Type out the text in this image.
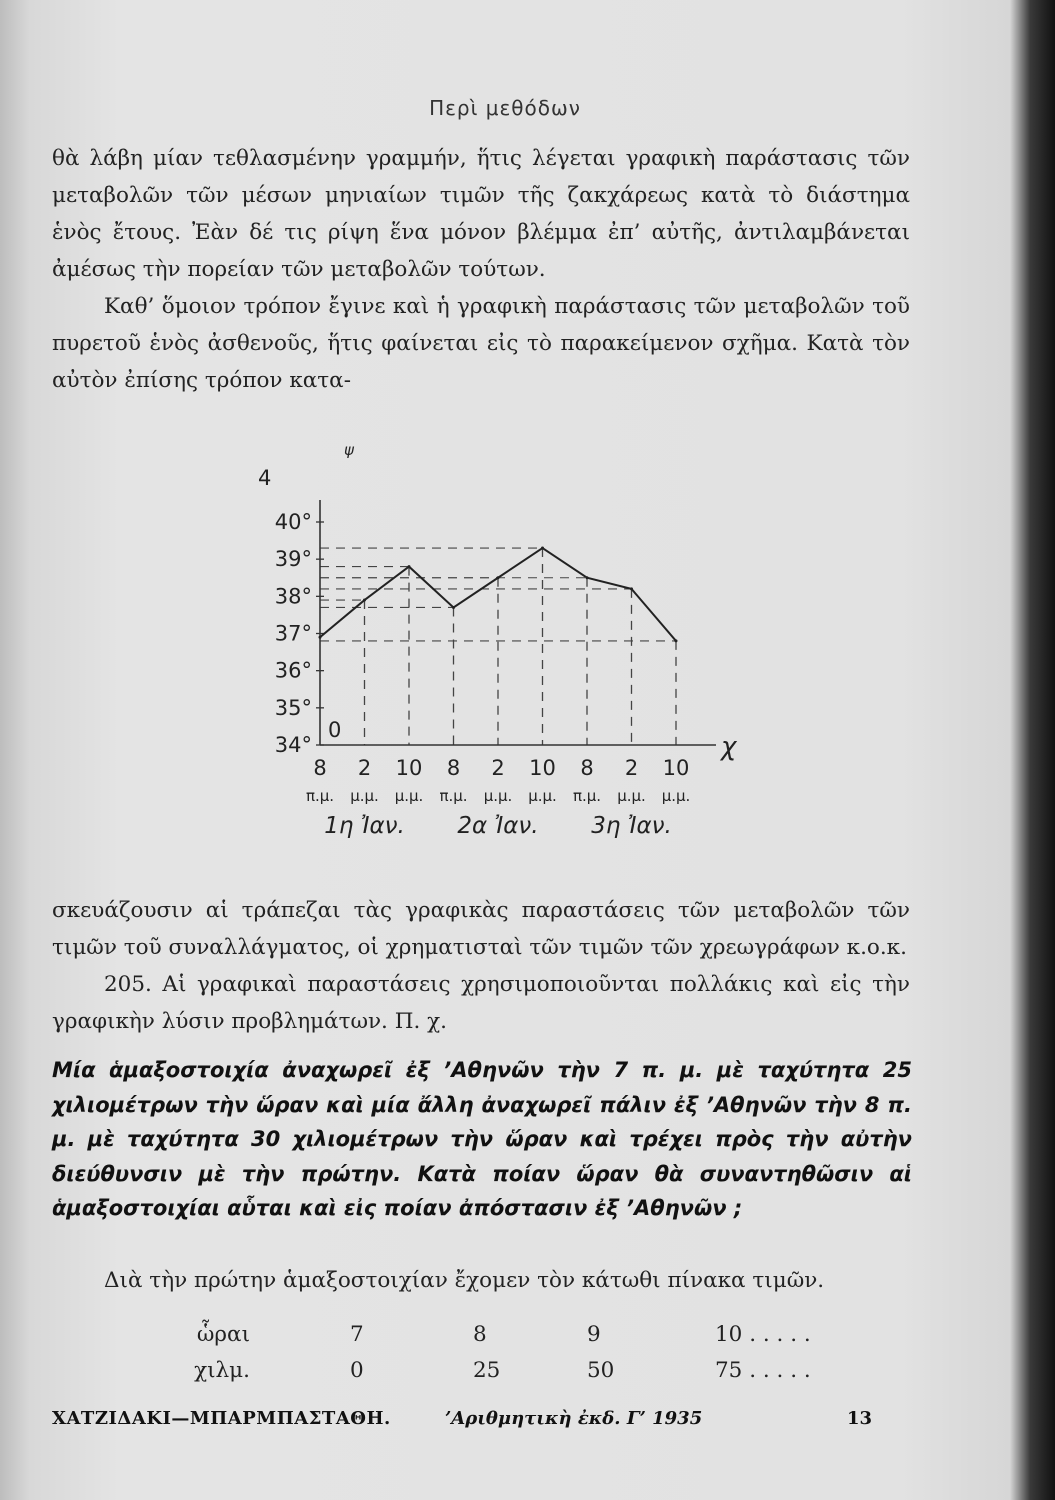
Περὶ μεθόδων

θὰ λάβη μίαν τεθλασμένην γραμμήν, ἥτις λέγεται γραφικὴ παράστασις τῶν μεταβολῶν τῶν μέσων μηνιαίων τιμῶν τῆς ζακχάρεως κατὰ τὸ διάστημα ἑνὸς ἔτους. Ἐὰν δέ τις ρίψη ἕνα μόνον βλέμμα ἐπ’ αὐτῆς, ἀντιλαμβάνεται ἀμέσως τὴν πορείαν τῶν μεταβολῶν τούτων.

Καθ’ ὅμοιον τρόπον ἔγινε καὶ ἡ γραφικὴ παράστασις τῶν μεταβολῶν τοῦ πυρετοῦ ἑνὸς ἀσθενοῦς, ἥτις φαίνεται εἰς τὸ παρακείμενον σχῆμα. Κατὰ τὸν αὐτὸν ἐπίσης τρόπον κατα-

34°
35°
36°
37°
38°
39°
40°
4
ψ
0
χ
8
π.μ.
2
μ.μ.
10
μ.μ.
8
π.μ.
2
μ.μ.
10
μ.μ.
8
π.μ.
2
μ.μ.
10
μ.μ.
1η Ἰαν. 2α Ἰαν. 3η Ἰαν.

σκευάζουσιν αἱ τράπεζαι τὰς γραφικὰς παραστάσεις τῶν μεταβολῶν τῶν τιμῶν τοῦ συναλλάγματος, οἱ χρηματισταὶ τῶν τιμῶν τῶν χρεωγράφων κ.ο.κ.

205. Αἱ γραφικαὶ παραστάσεις χρησιμοποιοῦνται πολλάκις καὶ εἰς τὴν γραφικὴν λύσιν προβλημάτων. Π. χ.

Μία ἁμαξοστοιχία ἀναχωρεῖ ἐξ ’Αθηνῶν τὴν 7 π. μ. μὲ ταχύτητα 25 χιλιομέτρων τὴν ὥραν καὶ μία ἄλλη ἀναχωρεῖ πάλιν ἐξ ’Αθηνῶν τὴν 8 π. μ. μὲ ταχύτητα 30 χιλιομέτρων τὴν ὥραν καὶ τρέχει πρὸς τὴν αὐτὴν διεύθυνσιν μὲ τὴν πρώτην. Κατὰ ποίαν ὥραν θὰ συναντηθῶσιν αἱ ἁμαξοστοιχίαι αὗται καὶ εἰς ποίαν ἀπόστασιν ἐξ ’Αθηνῶν ;

Διὰ τὴν πρώτην ἁμαξοστοιχίαν ἔχομεν τὸν κάτωθι πίνακα τιμῶν.

ὧραι	7	8	9	10 . . . . .
χιλμ.	0	25	50	75 . . . . .
ΧΑΤΖΙΔΑΚΙ—ΜΠΑΡΜΠΑΣΤΑΘΗ.	’Αριθμητικὴ ἐκδ. Γ’ 1935	13
